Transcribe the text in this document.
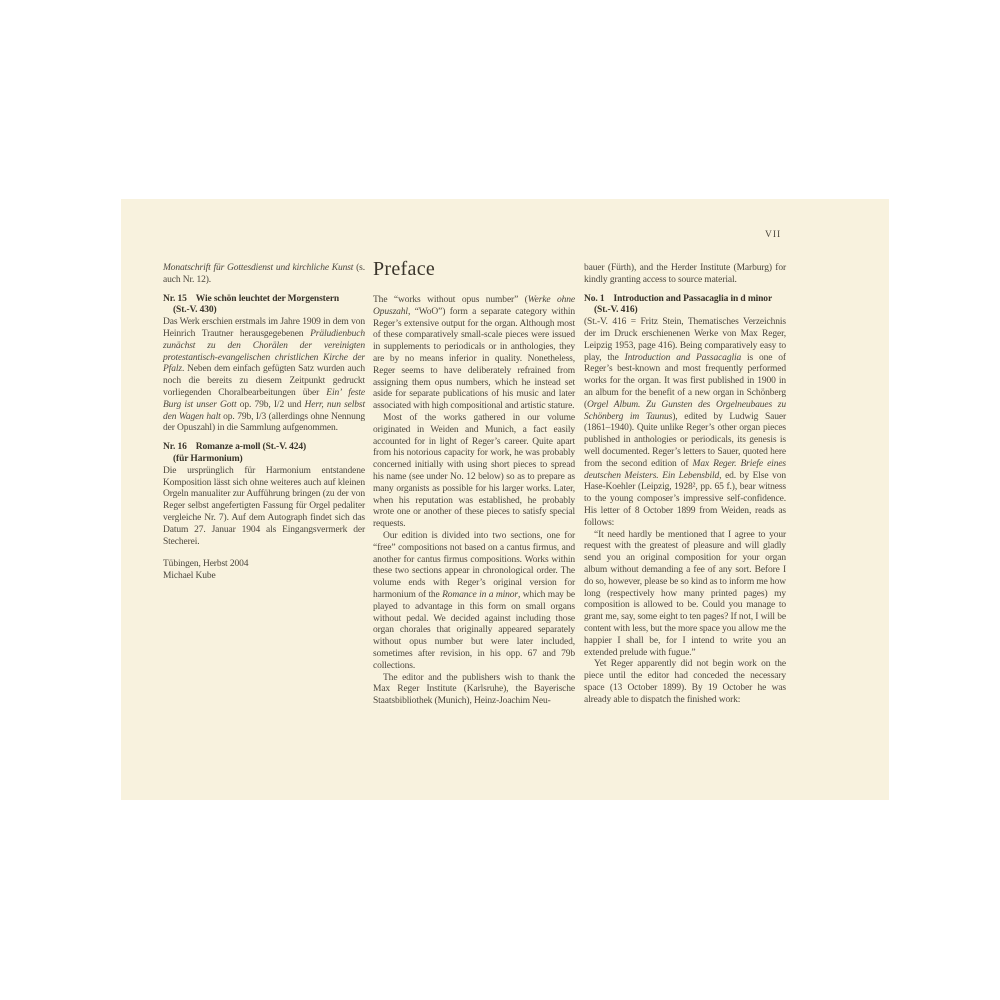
VII

Monatschrift für Gottesdienst und kirchliche Kunst (s. auch Nr. 12).

Nr. 15 Wie schön leuchtet der Morgenstern

(St.-V. 430)

Das Werk erschien erstmals im Jahre 1909 in dem von Heinrich Trautner herausgegebenen Präludienbuch zunächst zu den Chorälen der vereinigten protestantisch-evangelischen christlichen Kirche der Pfalz. Neben dem einfach gefügten Satz wurden auch noch die bereits zu diesem Zeitpunkt gedruckt vorliegenden Choralbearbeitungen über Ein’ feste Burg ist unser Gott op. 79b, I/2 und Herr, nun selbst den Wagen halt op. 79b, I/3 (allerdings ohne Nennung der Opuszahl) in die Sammlung aufgenommen.

Nr. 16 Romanze a-moll (St.-V. 424)

(für Harmonium)

Die ursprünglich für Harmonium entstandene Komposition lässt sich ohne weiteres auch auf kleinen Orgeln manualiter zur Aufführung bringen (zu der von Reger selbst angefertigten Fassung für Orgel pedaliter vergleiche Nr. 7). Auf dem Autograph findet sich das Datum 27. Januar 1904 als Eingangsvermerk der Stecherei.

Tübingen, Herbst 2004
Michael Kube

Preface

The “works without opus number” (Werke ohne Opuszahl, “WoO”) form a separate category within Reger’s extensive output for the organ. Although most of these comparatively small-scale pieces were issued in supplements to periodicals or in anthologies, they are by no means inferior in quality. Nonetheless, Reger seems to have deliberately refrained from assigning them opus numbers, which he instead set aside for separate publications of his music and later associated with high compositional and artistic stature.

Most of the works gathered in our volume originated in Weiden and Munich, a fact easily accounted for in light of Reger’s career. Quite apart from his notorious capacity for work, he was probably concerned initially with using short pieces to spread his name (see under No. 12 below) so as to prepare as many organists as possible for his larger works. Later, when his reputation was established, he probably wrote one or another of these pieces to satisfy special requests.

Our edition is divided into two sections, one for “free” compositions not based on a cantus firmus, and another for cantus firmus compositions. Works within these two sections appear in chronological order. The volume ends with Reger’s original version for harmonium of the Romance in a minor, which may be played to advantage in this form on small organs without pedal. We decided against including those organ chorales that originally appeared separately without opus number but were later included, sometimes after revision, in his opp. 67 and 79b collections.

The editor and the publishers wish to thank the Max Reger Institute (Karlsruhe), the Bayerische Staatsbibliothek (Munich), Heinz-Joachim Neu-

bauer (Fürth), and the Herder Institute (Marburg) for kindly granting access to source material.

No. 1 Introduction and Passacaglia in d minor

(St.-V. 416)

(St.-V. 416 = Fritz Stein, Thematisches Verzeichnis der im Druck erschienenen Werke von Max Reger, Leipzig 1953, page 416). Being comparatively easy to play, the Introduction and Passacaglia is one of Reger’s best-known and most frequently performed works for the organ. It was first published in 1900 in an album for the benefit of a new organ in Schönberg (Orgel Album. Zu Gunsten des Orgelneubaues zu Schönberg im Taunus), edited by Ludwig Sauer (1861–1940). Quite unlike Reger’s other organ pieces published in anthologies or periodicals, its genesis is well documented. Reger’s letters to Sauer, quoted here from the second edition of Max Reger. Briefe eines deutschen Meisters. Ein Lebensbild, ed. by Else von Hase-Koehler (Leipzig, 1928², pp. 65 f.), bear witness to the young composer’s impressive self-confidence. His letter of 8 October 1899 from Weiden, reads as follows:

“It need hardly be mentioned that I agree to your request with the greatest of pleasure and will gladly send you an original composition for your organ album without demanding a fee of any sort. Before I do so, however, please be so kind as to inform me how long (respectively how many printed pages) my composition is allowed to be. Could you manage to grant me, say, some eight to ten pages? If not, I will be content with less, but the more space you allow me the happier I shall be, for I intend to write you an extended prelude with fugue.”

Yet Reger apparently did not begin work on the piece until the editor had conceded the necessary space (13 October 1899). By 19 October he was already able to dispatch the finished work:
